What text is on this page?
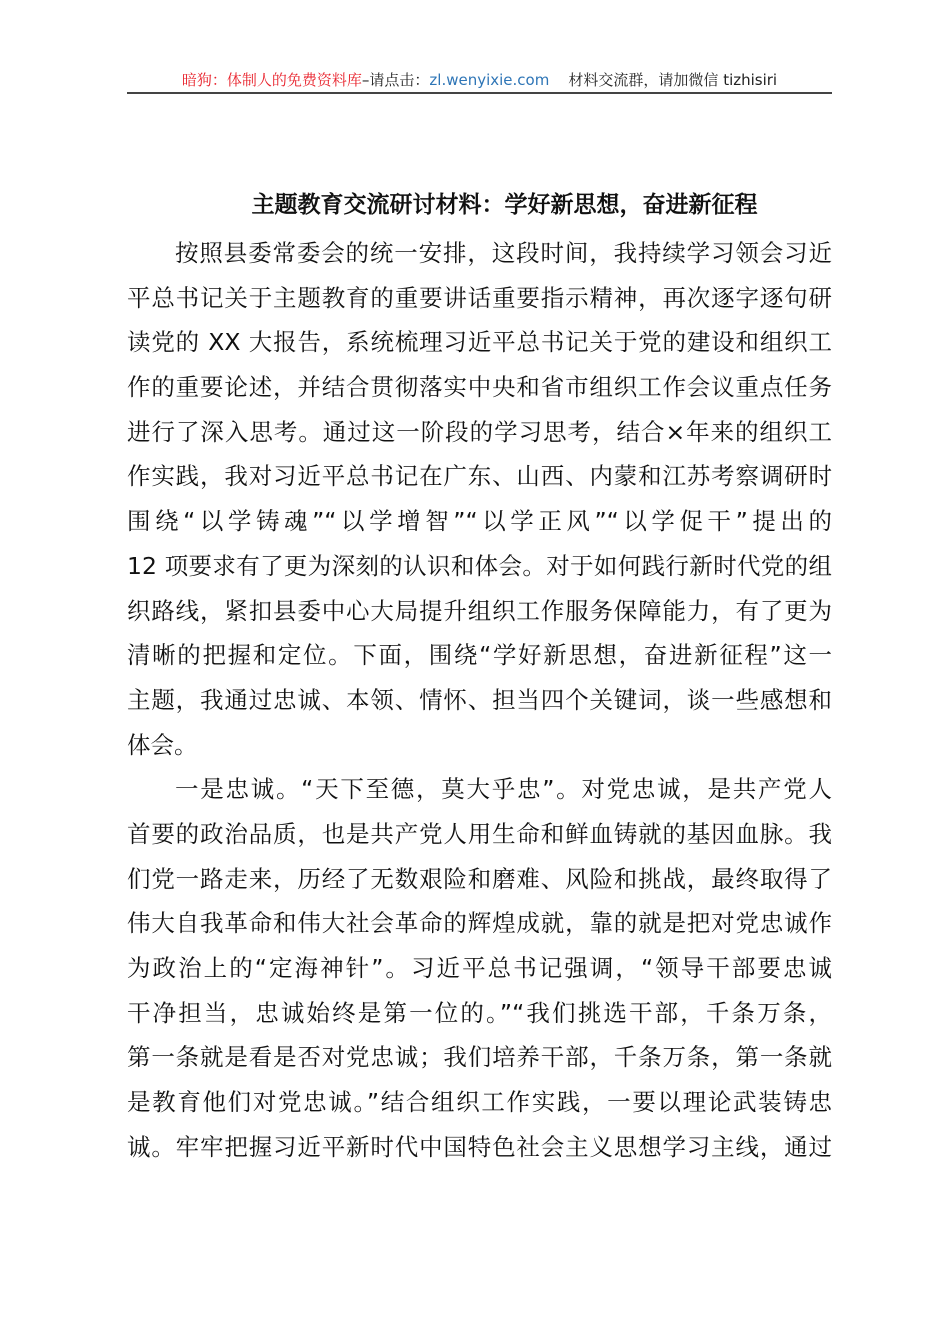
暗狗：体制人的免费资料库–请点击：zl.wenyixie.com 材料交流群，请加微信 tizhisiri
主题教育交流研讨材料：学好新思想，奋进新征程
按照县委常委会的统一安排，这段时间，我持续学习领会习近
平总书记关于主题教育的重要讲话重要指示精神，再次逐字逐句研
读党的 XX 大报告，系统梳理习近平总书记关于党的建设和组织工
作的重要论述，并结合贯彻落实中央和省市组织工作会议重点任务
进行了深入思考。通过这一阶段的学习思考，结合×年来的组织工
作实践，我对习近平总书记在广东、山西、内蒙和江苏考察调研时
围绕“以学铸魂”“以学增智”“以学正风”“以学促干”提出的
12 项要求有了更为深刻的认识和体会。对于如何践行新时代党的组
织路线，紧扣县委中心大局提升组织工作服务保障能力，有了更为
清晰的把握和定位。下面，围绕“学好新思想，奋进新征程”这一
主题，我通过忠诚、本领、情怀、担当四个关键词，谈一些感想和
体会。
一是忠诚。“天下至德，莫大乎忠”。对党忠诚，是共产党人
首要的政治品质，也是共产党人用生命和鲜血铸就的基因血脉。我
们党一路走来，历经了无数艰险和磨难、风险和挑战，最终取得了
伟大自我革命和伟大社会革命的辉煌成就，靠的就是把对党忠诚作
为政治上的“定海神针”。习近平总书记强调，“领导干部要忠诚
干净担当，忠诚始终是第一位的。”“我们挑选干部，千条万条，
第一条就是看是否对党忠诚；我们培养干部，千条万条，第一条就
是教育他们对党忠诚。”结合组织工作实践，一要以理论武装铸忠
诚。牢牢把握习近平新时代中国特色社会主义思想学习主线，通过
